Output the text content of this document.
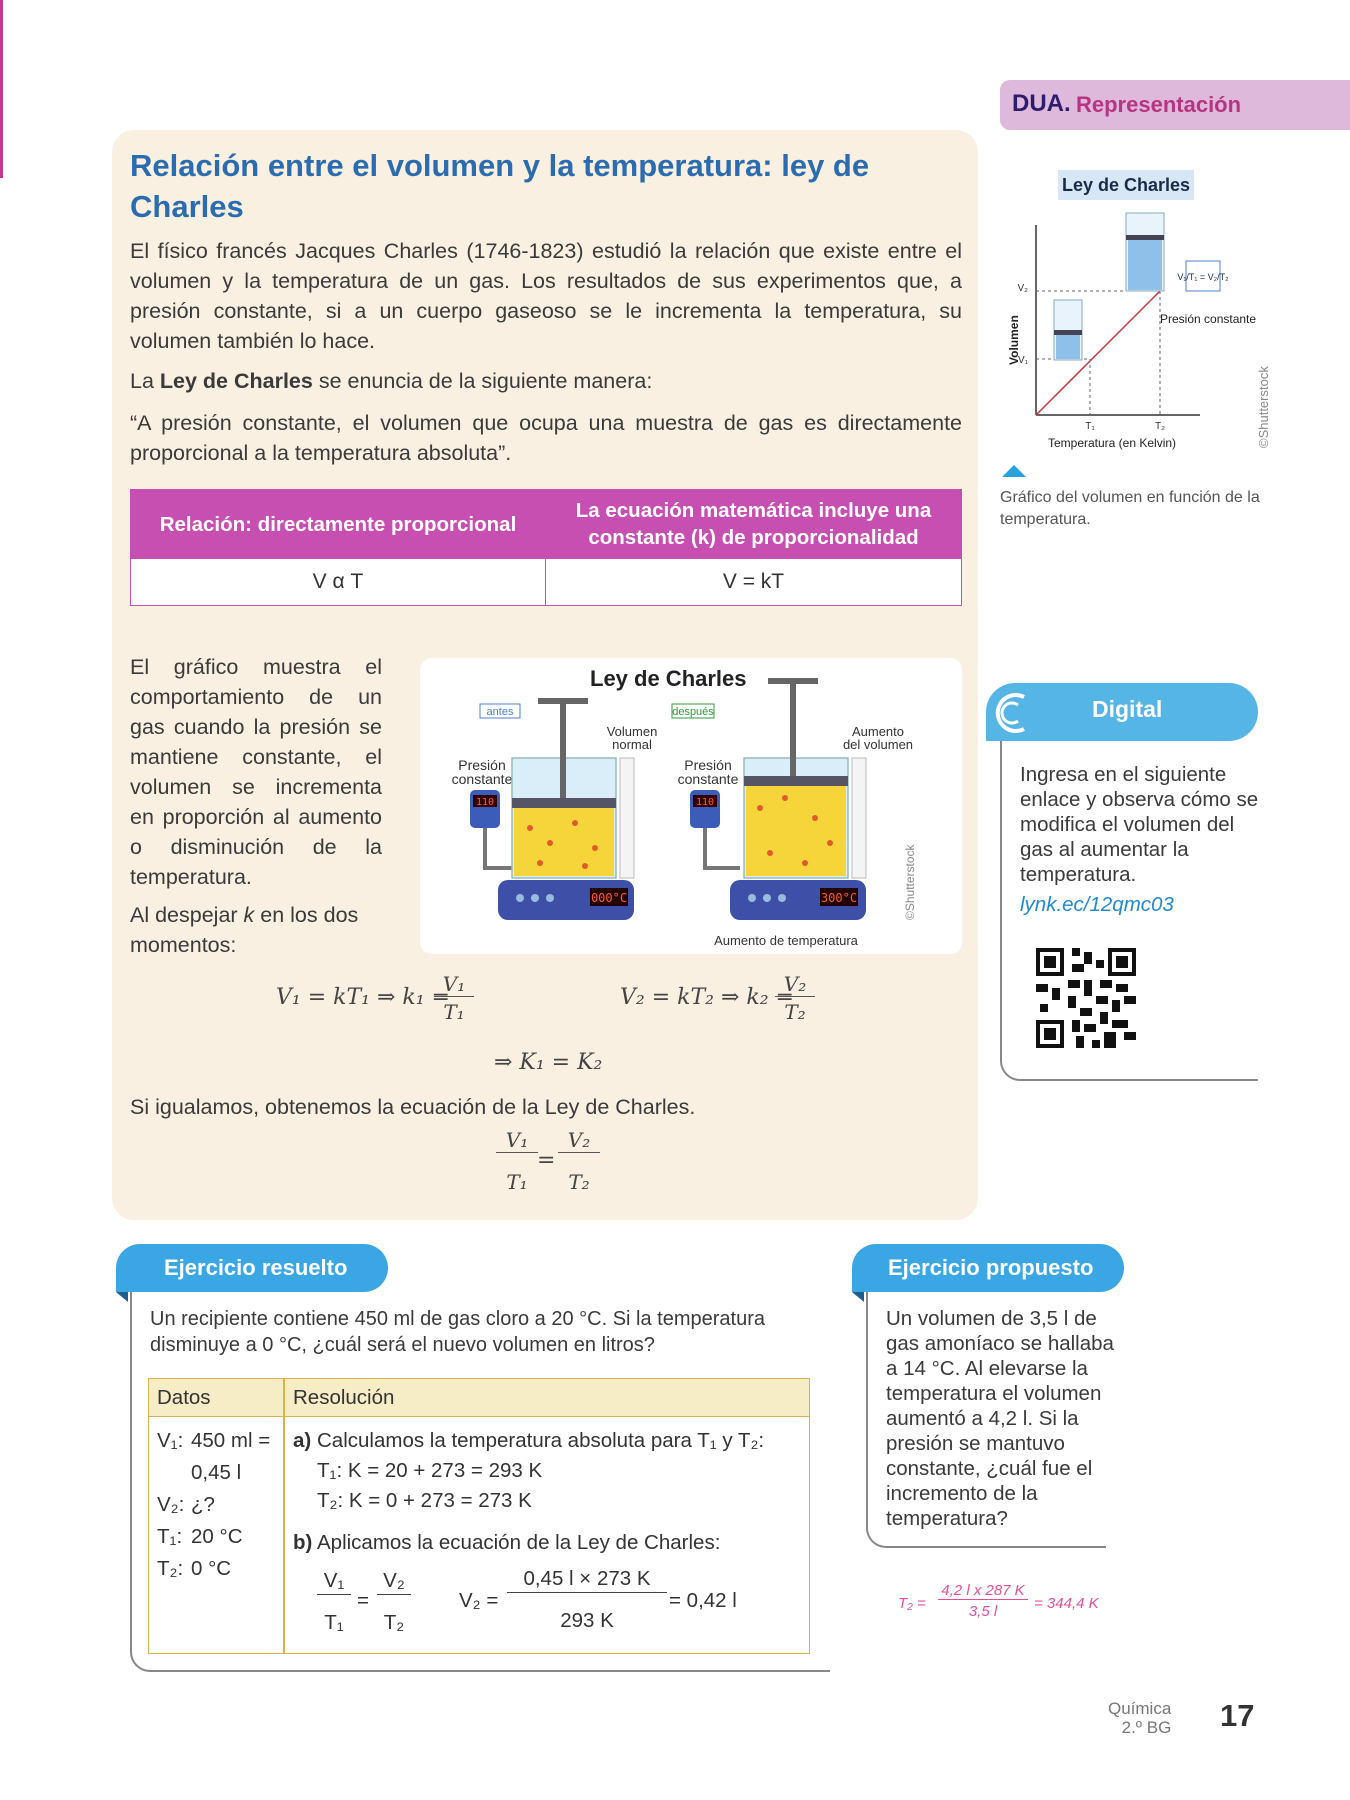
DUA. Representación
Relación entre el volumen y la temperatura: ley de Charles
El físico francés Jacques Charles (1746-1823) estudió la relación que existe entre el volumen y la temperatura de un gas. Los resultados de sus experimentos que, a presión constante, si a un cuerpo gaseoso se le incrementa la temperatura, su volumen también lo hace.
La Ley de Charles se enuncia de la siguiente manera:
“A presión constante, el volumen que ocupa una muestra de gas es directamente proporcional a la temperatura absoluta”.
Relación: directamente proporcional	La ecuación matemática incluye una constante (k) de proporcionalidad
V α T	V = kT
El gráfico muestra el comportamiento de un gas cuando la presión se mantiene constante, el volumen se incrementa en proporción al aumento o disminución de la temperatura.
Al despejar k en los dos momentos:
Ley de Charles
antes
Presión
constante
110
Volumen
normal
000°C
después
Presión
constante
110
Aumento
del volumen
300°C
Aumento de temperatura
©Shutterstock
V₁ = kT₁ ⇒ k₁ =
V₁
T₁
V₂ = kT₂ ⇒ k₂ =
V₂
T₂
⇒ K₁ = K₂
Si igualamos, obtenemos la ecuación de la Ley de Charles.
V₁
T₁
=
V₂
T₂
Ley de Charles
V₂
V₁
T₁	T₂
Temperatura (en Kelvin)
Volumen
V₁/T₁ = V₂/T₂
Presión constante
©Shutterstock
Gráfico del volumen en función de la temperatura.
Digital
Ingresa en el siguiente enlace y observa cómo se modifica el volumen del gas al aumentar la temperatura.
lynk.ec/12qmc03
Ejercicio resuelto
Un recipiente contiene 450 ml de gas cloro a 20 °C. Si la temperatura disminuye a 0 °C, ¿cuál será el nuevo volumen en litros?
Datos	Resolución
V₁: 450 ml =
0,45 l
V₂: ¿?
T₁: 20 °C
T₂: 0 °C
a) Calculamos la temperatura absoluta para T₁ y T₂:
T₁: K = 20 + 273 = 293 K
T₂: K = 0 + 273 = 273 K
b) Aplicamos la ecuación de la Ley de Charles:
V₁
T₁
=
V₂
T₂
V₂ =
0,45 l × 273 K
293 K
= 0,42 l
Ejercicio propuesto
Un volumen de 3,5 l de gas amoníaco se hallaba a 14 °C. Al elevarse la temperatura el volumen aumentó a 4,2 l. Si la presión se mantuvo constante, ¿cuál fue el incremento de la temperatura?
T₂ =
4,2 l x 287 K
3,5 l	= 344,4 K
Química
2.º BG 17
